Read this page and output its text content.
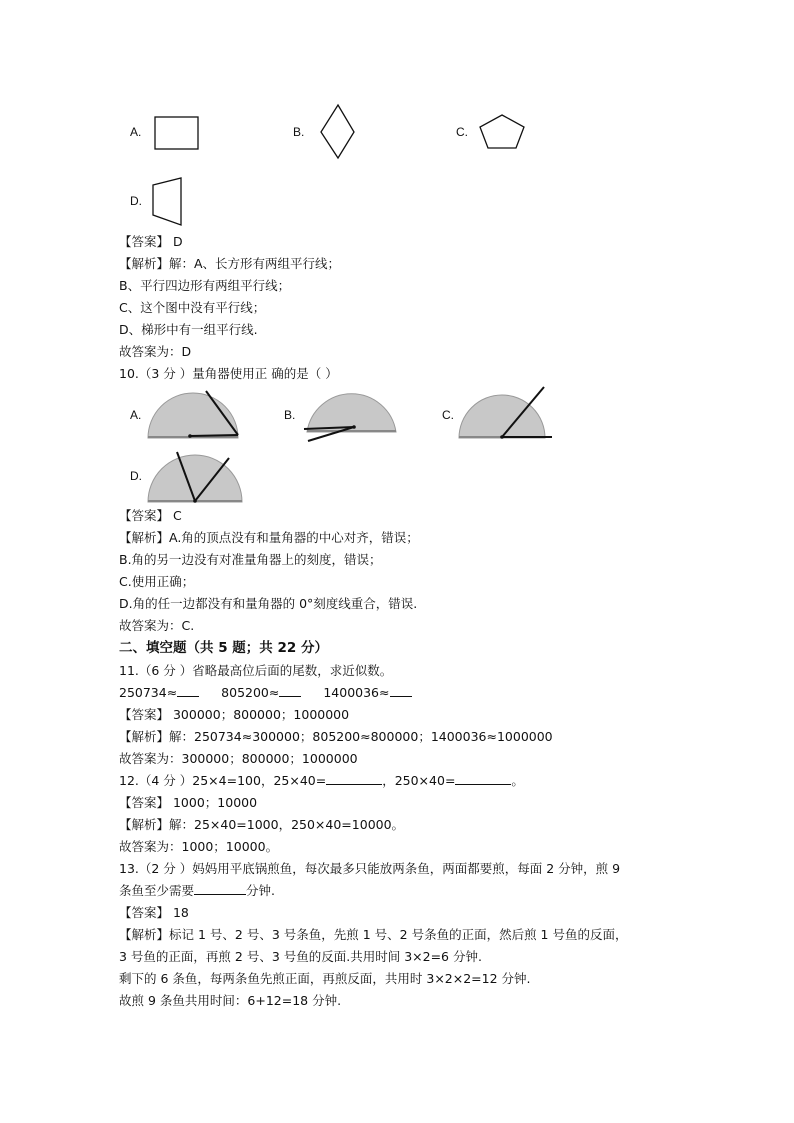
A.	B.	C.
D.
【答案】 D
【解析】解：A、长方形有两组平行线；
B、平行四边形有两组平行线；
C、这个图中没有平行线；
D、梯形中有一组平行线.
故答案为：D
10.（3 分 ）量角器使用正 确的是（ ）
A.	B.	C.
D.
【答案】 C
【解析】A.角的顶点没有和量角器的中心对齐，错误；
B.角的另一边没有对准量角器上的刻度，错误；
C.使用正确；
D.角的任一边都没有和量角器的 0°刻度线重合，错误.
故答案为：C.
二、填空题（共 5 题；共 22 分）
11.（6 分 ）省略最高位后面的尾数，求近似数。
250734≈	805200≈	1400036≈
【答案】 300000；800000；1000000
【解析】解：250734≈300000；805200≈800000；1400036≈1000000
故答案为：300000；800000；1000000
12.（4 分 ）25×4=100，25×40=	，250×40=	。
【答案】 1000；10000
【解析】解：25×40=1000，250×40=10000。
故答案为：1000；10000。
13.（2 分 ）妈妈用平底锅煎鱼，每次最多只能放两条鱼，两面都要煎，每面 2 分钟，煎 9
条鱼至少需要	分钟.
【答案】 18
【解析】标记 1 号、2 号、3 号条鱼，先煎 1 号、2 号条鱼的正面，然后煎 1 号鱼的反面，
3 号鱼的正面，再煎 2 号、3 号鱼的反面.共用时间 3×2=6 分钟.
剩下的 6 条鱼，每两条鱼先煎正面，再煎反面，共用时 3×2×2=12 分钟.
故煎 9 条鱼共用时间：6+12=18 分钟.
